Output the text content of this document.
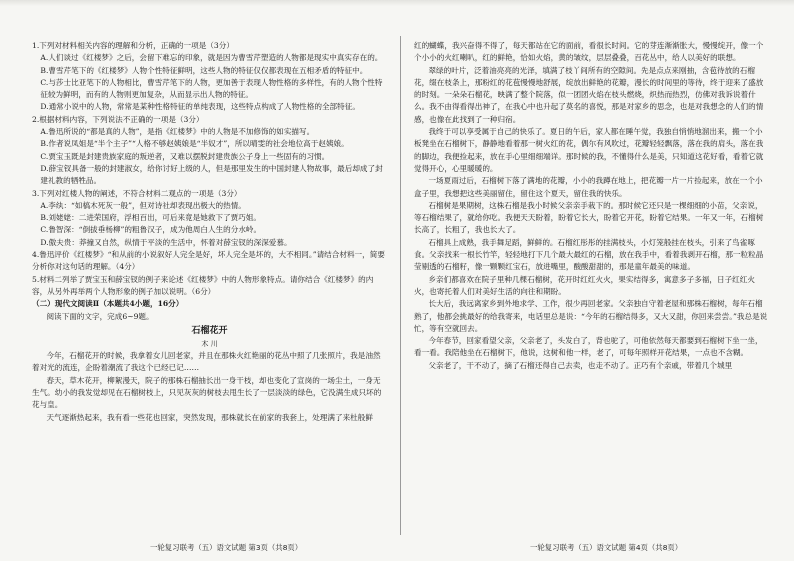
1.下列对材料相关内容的理解和分析，正确的一项是（3分）

A.人们谈过《红楼梦》之后，会留下难忘的印象，就是因为曹雪芹塑造的人物都是现实中真实存在的。

B.曹雪芹笔下的《红楼梦》人物个性特征鲜明，这些人物的特征仅仅都表现在五相矛盾的特征中。

C.与莎士比亚笔下的人物相比，曹雪芹笔下的人物，更加善于表现人物性格的多样性，有的人物个性特征较为鲜明，而有的人物则更加复杂，从而显示出人物的特征。

D.通常小说中的人物，常常是某种性格特征的单纯表现，这些特点构成了人物性格的全部特征。

2.根据材料内容，下列说法不正确的一项是（3分）

A.鲁迅所说的“都是真的人物”，是指《红楼梦》中的人物是不加修饰的如实描写。

B.作者说凤姐是“半个主子”“人格不够赵姨娘是“半奴才”，所以晴雯的社会地位高于赵姨娘。

C.贾宝玉既是封建贵族家庭的叛逆者，又难以摆脱封建贵族公子身上一些固有的习惯。

D.薛宝钗具备一般的封建淑女，给你讨好上级的人，但是那里发生的中国封建人物故事，最后却成了封建礼教的牺牲品。

3.下列对红楼人物的阐述，不符合材料二观点的一项是（3分）

A.李纨：“如槁木死灰一般”，但对诗社却表现出极大的热情。

B.刘姥姥：二进荣国府，浮相百出，可后来竟是她救下了贾巧姐。

C.鲁智深：“倒拔垂杨柳”的粗鲁汉子，成为他周白人生的分水岭。

D.傲夫贵：莽撞又自然，纵情于平淡的生活中，怀着对薛宝钗的深深爱慕。

4.鲁迅评价《红楼梦》“和从前的小说叙好人完全是好，坏人完全是坏的，大不相同。”请结合材料一，简要分析你对这句话的理解。（4分）

5.材料二列举了贾宝玉和薛宝钗的例子来论述《红楼梦》中的人物形象特点。请你结合《红楼梦》的内容，从另外再举两个人物形象的例子加以说明。（6分）

（二）现代文阅读Ⅱ（本题共4小题，16分）

阅读下面的文字，完成6~9题。

石榴花开

木 川

今年，石榴花开的时候，我拿着女儿回老家，并且在那株火红艳丽的花丛中照了几张照片，我是油然着对光的流连，企盼着潮流了我这个已经已记……

春天，草木花开，柳絮漫天，院子的那株石榴抽长出一身干枝，却也变化了宣岗的一场尘土，一身无生气。幼小的我发觉却见在石榴树枝上，只见灰灰的树枝去甩生长了一层淡淡的绿色，它没满生成只坏的花与皇。

天气逐渐热起来，我有看一些花也回家，突然发现，那株就长在前家的我套上，处理满了来杜般鲜

红的蝴蝶，我兴奋得不得了，每天都站在它的面前，看很长时间。它的芽连渐渐胀大，慢慢绽开，像一个个小小的火红喇叭，红的鲜艳，恰如火焰，黄的皱纹，层层叠叠，百花丛中，给人以美好的联想。

翠绿的叶片，泛着油亮亮的光泽，填满了枝丫间所有的空隙间。先是点点来刚抽，含苞待放的石榴花，缀在枝条上，那粉红的花苞慢慢地舒展，绽放出鲜艳的花瓣，漫长的时间里的等待，终于迎来了盛放的时刻。一朵朵石榴花，映满了整个院落，似一团团火焰在枝头燃烧，炽热而热烈，仿佛对我诉说着什么。我不由得看得出神了，在我心中也升起了莫名的喜悦，那是对家乡的思念，也是对我想念的人们的情感，也像在此找到了一种归宿。

我终于可以享受属于自己的快乐了。夏日的午后，家人都在睡午觉，我独自悄悄地溜出来，搬一个小板凳坐在石榴树下，静静地看着那一树火红的花，偶尔有风吹过，花瓣轻轻飘落，落在我的肩头，落在我的脚边，我便捡起来，放在手心里细细端详。那时候的我，不懂得什么是美，只知道这花好看，看着它就觉得开心，心里暖暖的。

一场夏雨过后，石榴树下落了满地的花瓣，小小的我蹲在地上，把花瓣一片一片捡起来，放在一个小盒子里，我想把这些美丽留住，留住这个夏天，留住我的快乐。

石榴树是果期树，这株石榴是我小时候父亲亲手栽下的。那时候它还只是一棵细细的小苗，父亲说，等石榴结果了，就给你吃。我便天天盼着，盼着它长大，盼着它开花，盼着它结果。一年又一年，石榴树长高了，长粗了，我也长大了。

石榴具上成熟，我手舞足蹈，鲜鲜的。石榴红彤彤的挂满枝头，小灯笼般挂在枝头，引来了鸟雀啄食。父亲找来一根长竹竿，轻轻地打下几个最大最红的石榴，放在我手中，看着我剥开石榴，那一粒粒晶莹剔透的石榴籽，像一颗颗红宝石，放进嘴里，酸酸甜甜的，那是童年最美的味道。

乡亲们都喜欢在院子里种几棵石榴树，花开时红红火火，果实结得多，寓意多子多福，日子红红火火，也寄托着人们对美好生活的向往和期盼。

长大后，我远离家乡到外地求学、工作，很少再回老家。父亲独自守着老屋和那株石榴树，每年石榴熟了，他都会挑最好的给我寄来，电话里总是说：“今年的石榴结得多，又大又甜，你回来尝尝。”我总是说忙，等有空就回去。

今年春节，回家看望父亲，父亲老了，头发白了，背也驼了，可他依然每天都要到石榴树下坐一坐，看一看。我陪他坐在石榴树下，他说，这树和他一样，老了，可每年照样开花结果，一点也不含糊。

父亲老了，干不动了，摘了石榴还得自己去卖，也走不动了。正巧有个亲戚，带着几个城里

一轮复习联考（五）语文试题 第3页（共8页）	一轮复习联考（五）语文试题 第4页（共8页）
